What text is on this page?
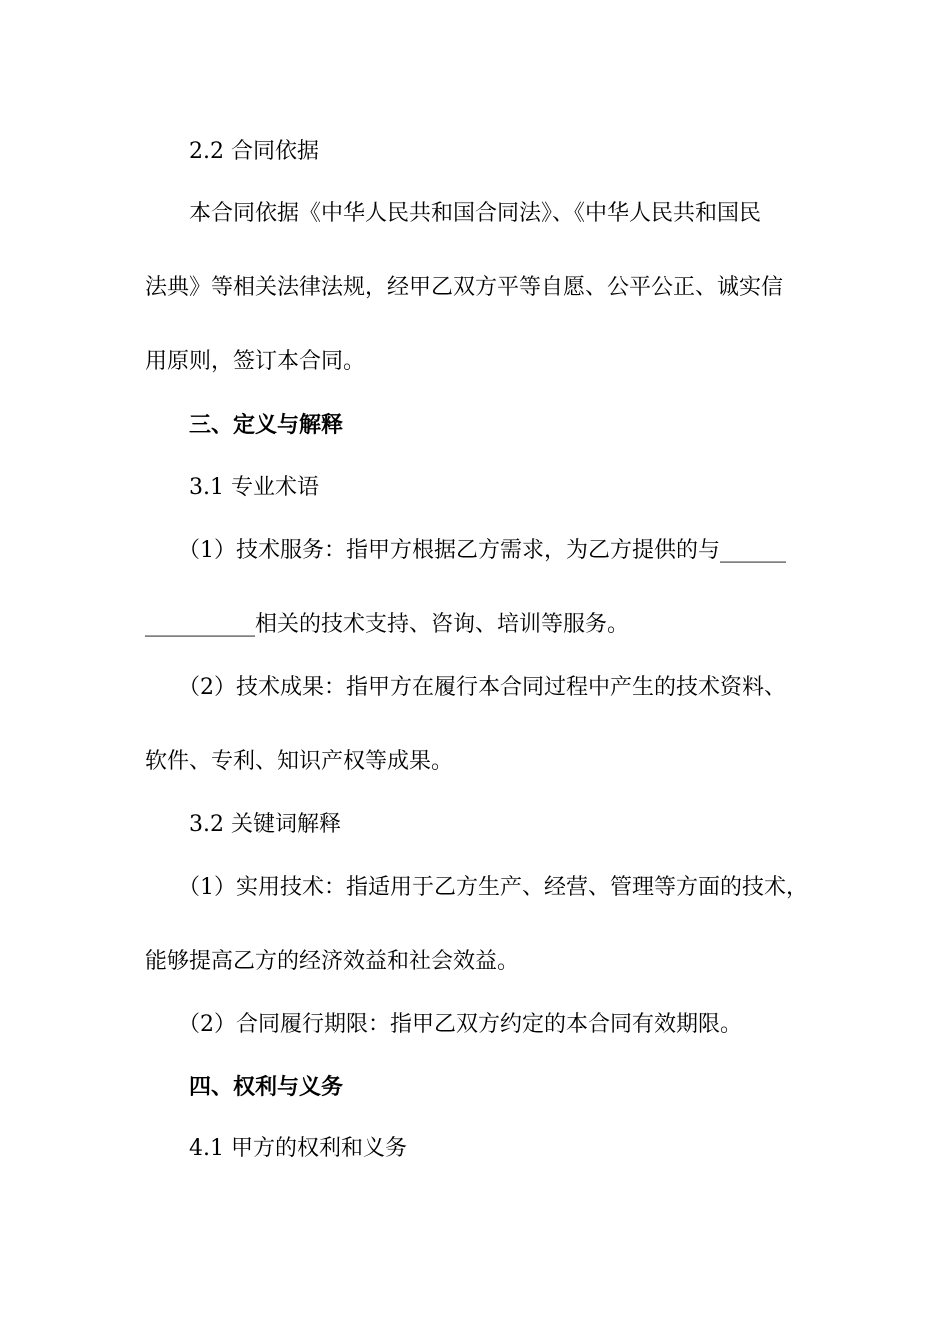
2.2 合同依据
本合同依据《中华人民共和国合同法》、《中华人民共和国民
法典》等相关法律法规，经甲乙双方平等自愿、公平公正、诚实信
用原则，签订本合同。
三、定义与解释
3.1 专业术语
（1）技术服务：指甲方根据乙方需求，为乙方提供的与______
__________相关的技术支持、咨询、培训等服务。
（2）技术成果：指甲方在履行本合同过程中产生的技术资料、
软件、专利、知识产权等成果。
3.2 关键词解释
（1）实用技术：指适用于乙方生产、经营、管理等方面的技术，
能够提高乙方的经济效益和社会效益。
（2）合同履行期限：指甲乙双方约定的本合同有效期限。
四、权利与义务
4.1 甲方的权利和义务
